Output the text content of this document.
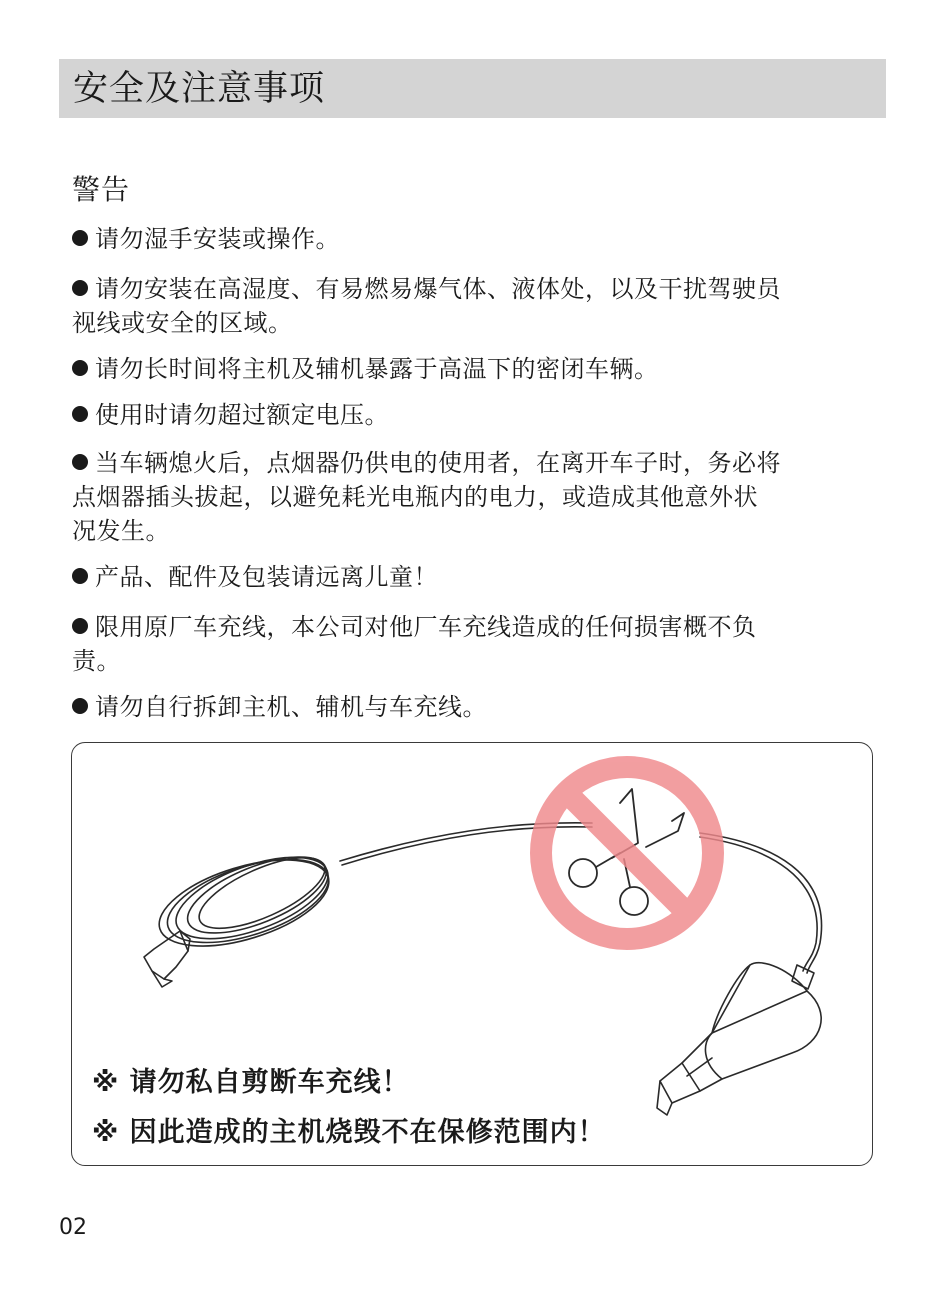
安全及注意事项
警告
请勿湿手安装或操作。
请勿安装在高湿度、有易燃易爆气体、液体处，以及干扰驾驶员
视线或安全的区域。
请勿长时间将主机及辅机暴露于高温下的密闭车辆。
使用时请勿超过额定电压。
当车辆熄火后，点烟器仍供电的使用者，在离开车子时，务必将
点烟器插头拔起，以避免耗光电瓶内的电力，或造成其他意外状
况发生。
产品、配件及包装请远离儿童！
限用原厂车充线，本公司对他厂车充线造成的任何损害概不负
责。
请勿自行拆卸主机、辅机与车充线。
※ 请勿私自剪断车充线！
※ 因此造成的主机烧毁不在保修范围内！
02
